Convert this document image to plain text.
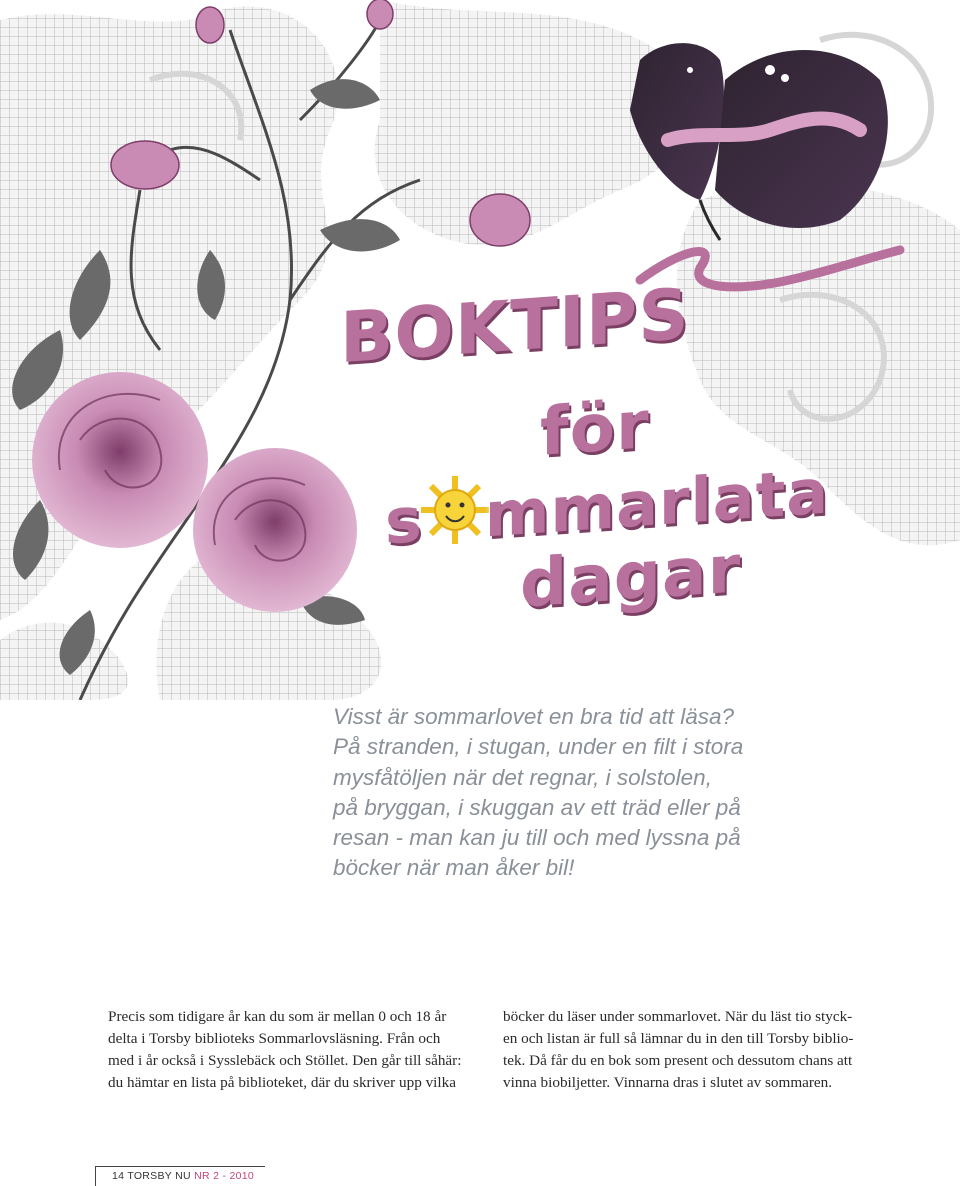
BOKTIPS
för
s mmarlata
dagar

Visst är sommarlovet en bra tid att läsa?
På stranden, i stugan, under en filt i stora
mysfåtöljen när det regnar, i solstolen,
på bryggan, i skuggan av ett träd eller på
resan - man kan ju till och med lyssna på
böcker när man åker bil!

Precis som tidigare år kan du som är mellan 0 och 18 år
delta i Torsby biblioteks Sommarlovsläsning. Från och
med i år också i Sysslebäck och Stöllet. Den går till såhär:
du hämtar en lista på biblioteket, där du skriver upp vilka

böcker du läser under sommarlovet. När du läst tio styck-
en och listan är full så lämnar du in den till Torsby biblio-
tek. Då får du en bok som present och dessutom chans att
vinna biobiljetter. Vinnarna dras i slutet av sommaren.

14 TORSBY NU NR 2 - 2010
